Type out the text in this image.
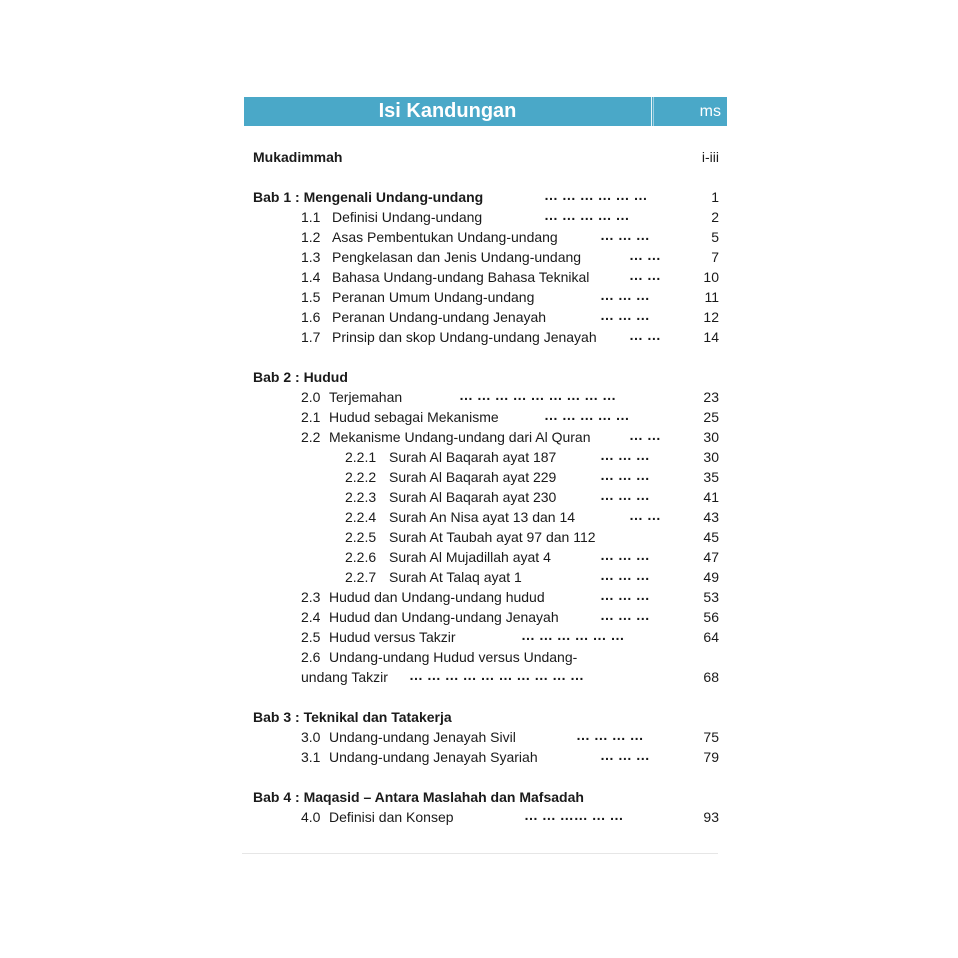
Isi Kandungan	ms
Mukadimmah	i-iii
Bab 1 : Mengenali Undang-undang	… … … … … …	1
1.1 Definisi Undang-undang	… … … … …	2
1.2 Asas Pembentukan Undang-undang	… … …	5
1.3 Pengkelasan dan Jenis Undang-undang	… …	7
1.4 Bahasa Undang-undang Bahasa Teknikal	… …	10
1.5 Peranan Umum Undang-undang	… … …	11
1.6 Peranan Undang-undang Jenayah	… … …	12
1.7 Prinsip dan skop Undang-undang Jenayah … …	14
Bab 2 : Hudud
2.0 Terjemahan	… … … … … … … … …	23
2.1 Hudud sebagai Mekanisme	… … … … …	25
2.2 Mekanisme Undang-undang dari Al Quran	… …	30
2.2.1 Surah Al Baqarah ayat 187	… … …	30
2.2.2 Surah Al Baqarah ayat 229	… … …	35
2.2.3 Surah Al Baqarah ayat 230	… … …	41
2.2.4 Surah An Nisa ayat 13 dan 14	… …	43
2.2.5 Surah At Taubah ayat 97 dan 112	45
2.2.6 Surah Al Mujadillah ayat 4	… … …	47
2.2.7 Surah At Talaq ayat 1	… … …	49
2.3 Hudud dan Undang-undang hudud	… … …	53
2.4 Hudud dan Undang-undang Jenayah	… … …	56
2.5 Hudud versus Takzir	… … … … … …	64
2.6 Undang-undang Hudud versus Undang-
undang Takzir … … … … … … … … … …	68
Bab 3 : Teknikal dan Tatakerja
3.0 Undang-undang Jenayah Sivil	… … … …	75
3.1 Undang-undang Jenayah Syariah	… … …	79
Bab 4 : Maqasid – Antara Maslahah dan Mafsadah
4.0 Definisi dan Konsep	… … …… … …	93
